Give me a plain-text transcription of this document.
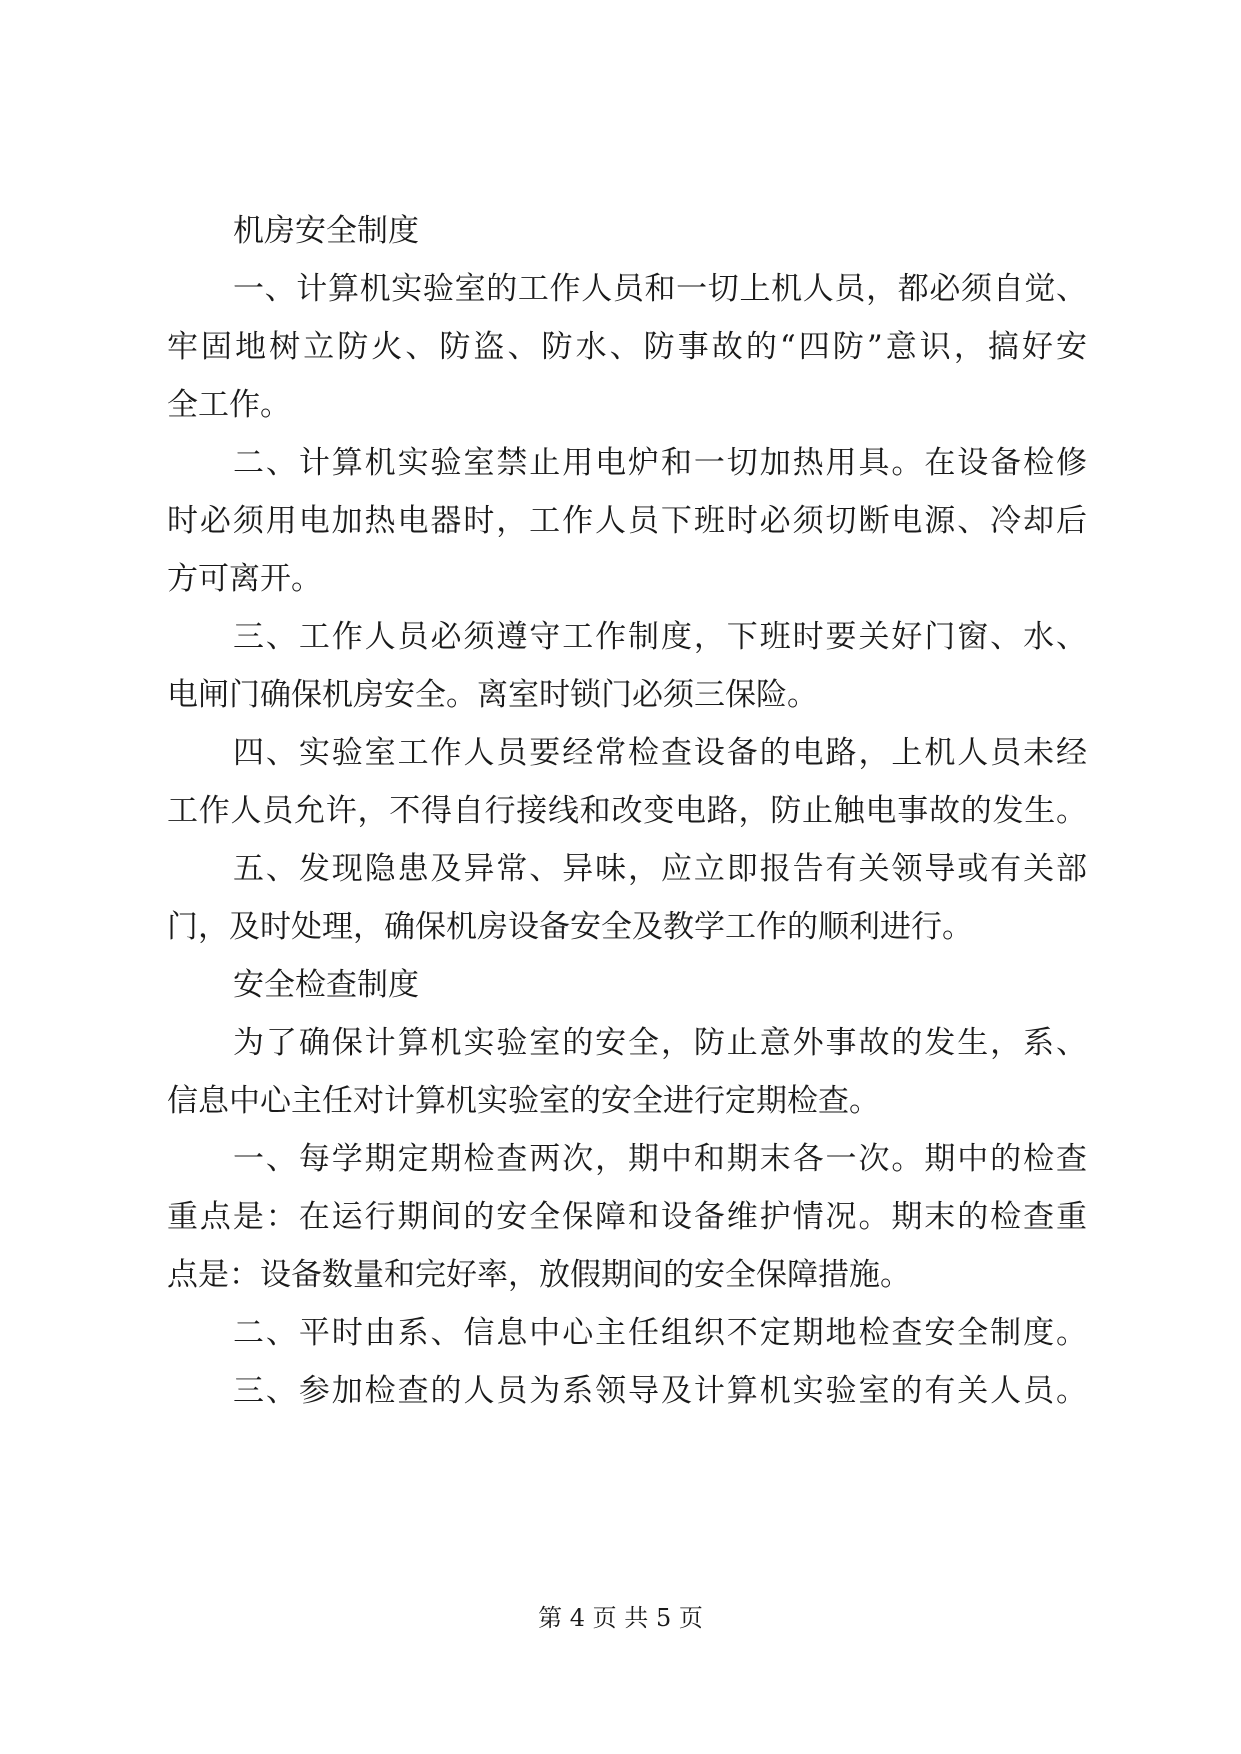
机房安全制度
一、计算机实验室的工作人员和一切上机人员，都必须自觉、
牢固地树立防火、防盗、防水、防事故的“四防”意识，搞好安
全工作。
二、计算机实验室禁止用电炉和一切加热用具。在设备检修
时必须用电加热电器时，工作人员下班时必须切断电源、冷却后
方可离开。
三、工作人员必须遵守工作制度，下班时要关好门窗、水、
电闸门确保机房安全。离室时锁门必须三保险。
四、实验室工作人员要经常检查设备的电路，上机人员未经
工作人员允许，不得自行接线和改变电路，防止触电事故的发生。
五、发现隐患及异常、异味，应立即报告有关领导或有关部
门，及时处理，确保机房设备安全及教学工作的顺利进行。
安全检查制度
为了确保计算机实验室的安全，防止意外事故的发生，系、
信息中心主任对计算机实验室的安全进行定期检查。
一、每学期定期检查两次，期中和期末各一次。期中的检查
重点是：在运行期间的安全保障和设备维护情况。期末的检查重
点是：设备数量和完好率，放假期间的安全保障措施。
二、平时由系、信息中心主任组织不定期地检查安全制度。
三、参加检查的人员为系领导及计算机实验室的有关人员。
第 4 页 共 5 页
